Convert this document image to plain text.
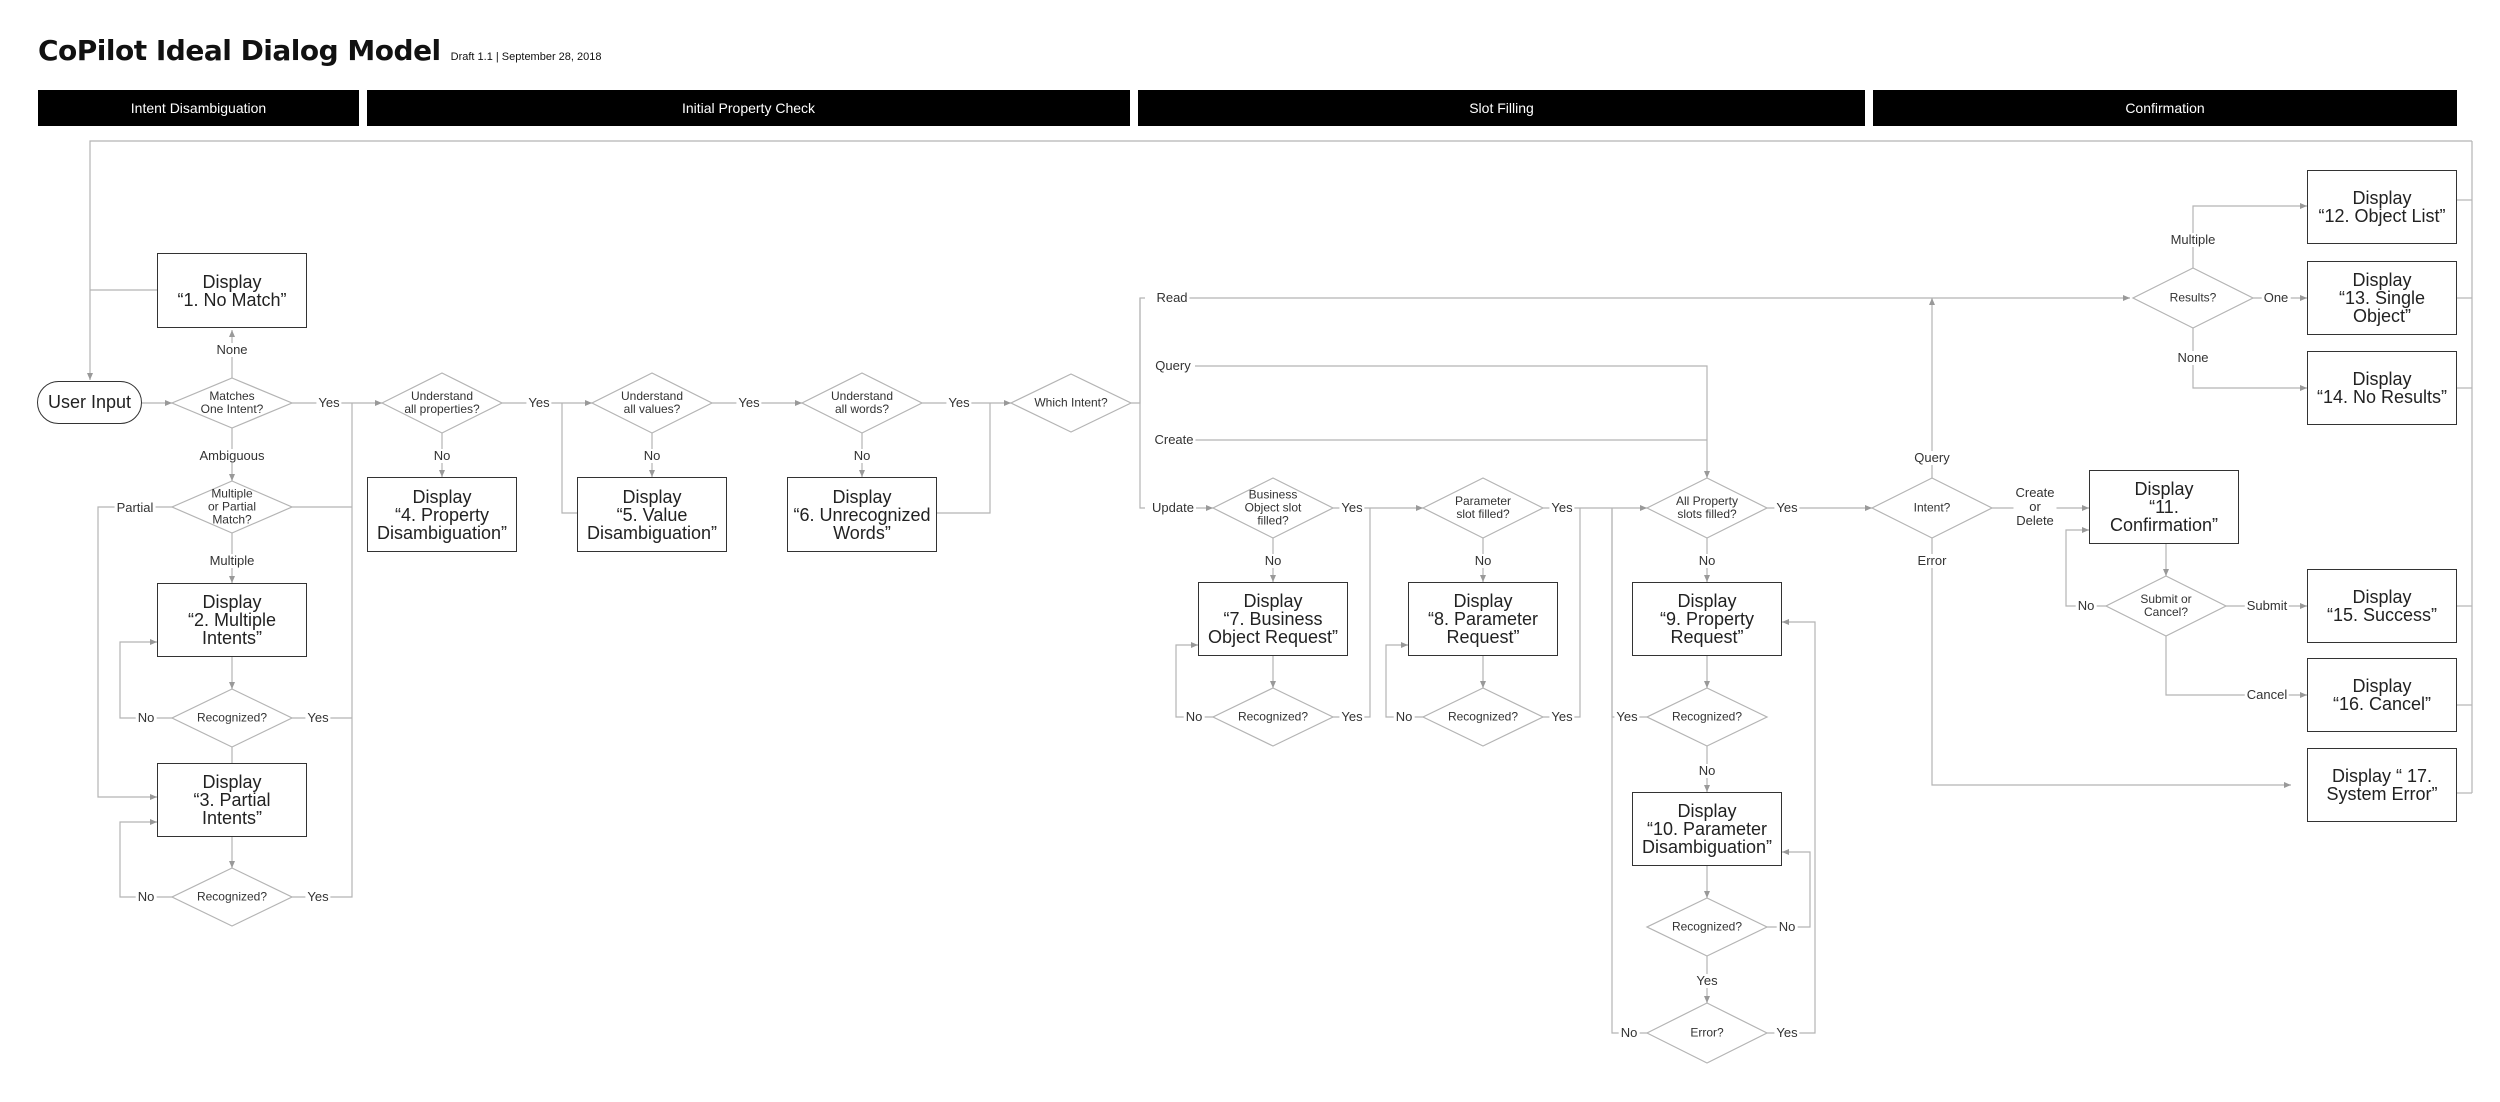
CoPilot Ideal Dialog Model Draft 1.1 | September 28, 2018
Intent Disambiguation	Initial Property Check	Slot Filling	Confirmation
User Input
Display
“1. No Match”
Display
“2. Multiple
Intents”
Display
“3. Partial
Intents”
Display
“4. Property
Disambiguation”
Display
“5. Value
Disambiguation”
Display
“6. Unrecognized
Words”
Display
“7. Business
Object Request”
Display
“8. Parameter
Request”
Display
“9. Property
Request”
Display
“10. Parameter
Disambiguation”
Display
“11.
Confirmation”
Display
“12. Object List”
Display
“13. Single
Object”
Display
“14. No Results”
Display
“15. Success”
Display
“16. Cancel”
Display “ 17.
System Error”
Matches
One Intent?
Multiple
or Partial
Match?
Recognized?
Recognized?
Understand
all properties?
Understand
all values?
Understand
all words?	Which Intent?
Business
Object slot
filled?
Recognized?
Parameter
slot filled?
Recognized?
All Property
slots filled?
Recognized?
Recognized?
Error?
Intent?
Results?
Submit or
Cancel?
None
Yes
Ambiguous
Partial
Multiple
No	Yes
No	Yes
Yes
No
Yes
No
Yes
No
Read
Query
Create
Update	Yes
No
No	Yes
Yes
No
No	Yes
Yes
No
Yes
No
No
Yes
No	Yes
Query
Create
or
Delete
Error
Multiple
One
None
No	Submit
Cancel
